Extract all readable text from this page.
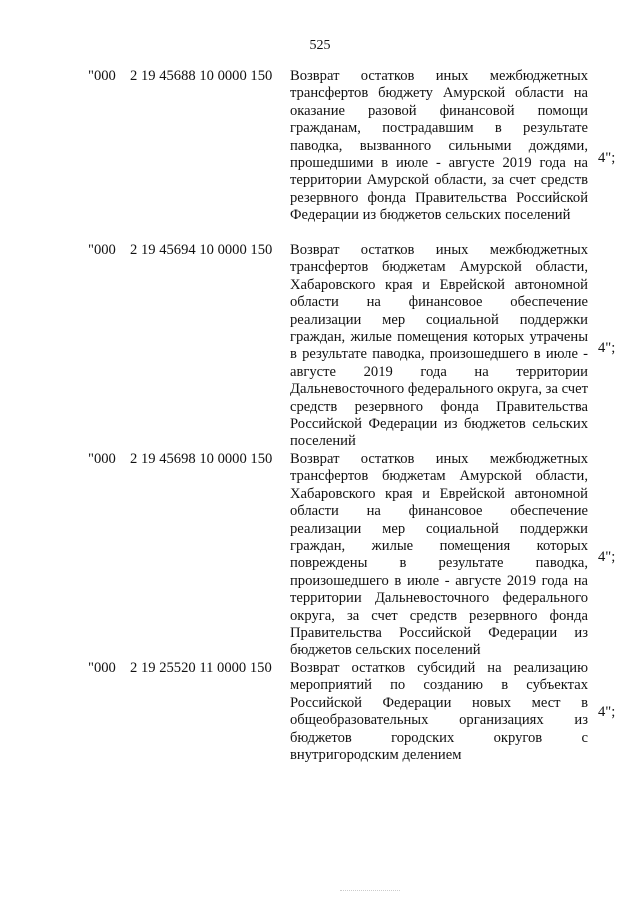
525
"000 2 19 45688 10 0000 150 Возврат остатков иных межбюджетных трансфертов бюджету Амурской области на оказание разовой финансовой помощи гражданам, пострадавшим в результате паводка, вызванного сильными дождями, прошедшими в июле - августе 2019 года на территории Амурской области, за счет средств резервного фонда Правительства Российской Федерации из бюджетов сельских поселений
4";
"000 2 19 45694 10 0000 150 Возврат остатков иных межбюджетных трансфертов бюджетам Амурской области, Хабаровского края и Еврейской автономной области на финансовое обеспечение реализации мер социальной поддержки граждан, жилые помещения которых утрачены в результате паводка, произошедшего в июле - августе 2019 года на территории Дальневосточного федерального округа, за счет средств резервного фонда Правительства Российской Федерации из бюджетов сельских поселений
4";
"000 2 19 45698 10 0000 150 Возврат остатков иных межбюджетных трансфертов бюджетам Амурской области, Хабаровского края и Еврейской автономной области на финансовое обеспечение реализации мер социальной поддержки граждан, жилые помещения которых повреждены в результате паводка, произошедшего в июле - августе 2019 года на территории Дальневосточного федерального округа, за счет средств резервного фонда Правительства Российской Федерации из бюджетов сельских поселений
4";
"000 2 19 25520 11 0000 150 Возврат остатков субсидий на реализацию мероприятий по созданию в субъектах Российской Федерации новых мест в общеобразовательных организациях из бюджетов городских округов с внутригородским делением
4";
